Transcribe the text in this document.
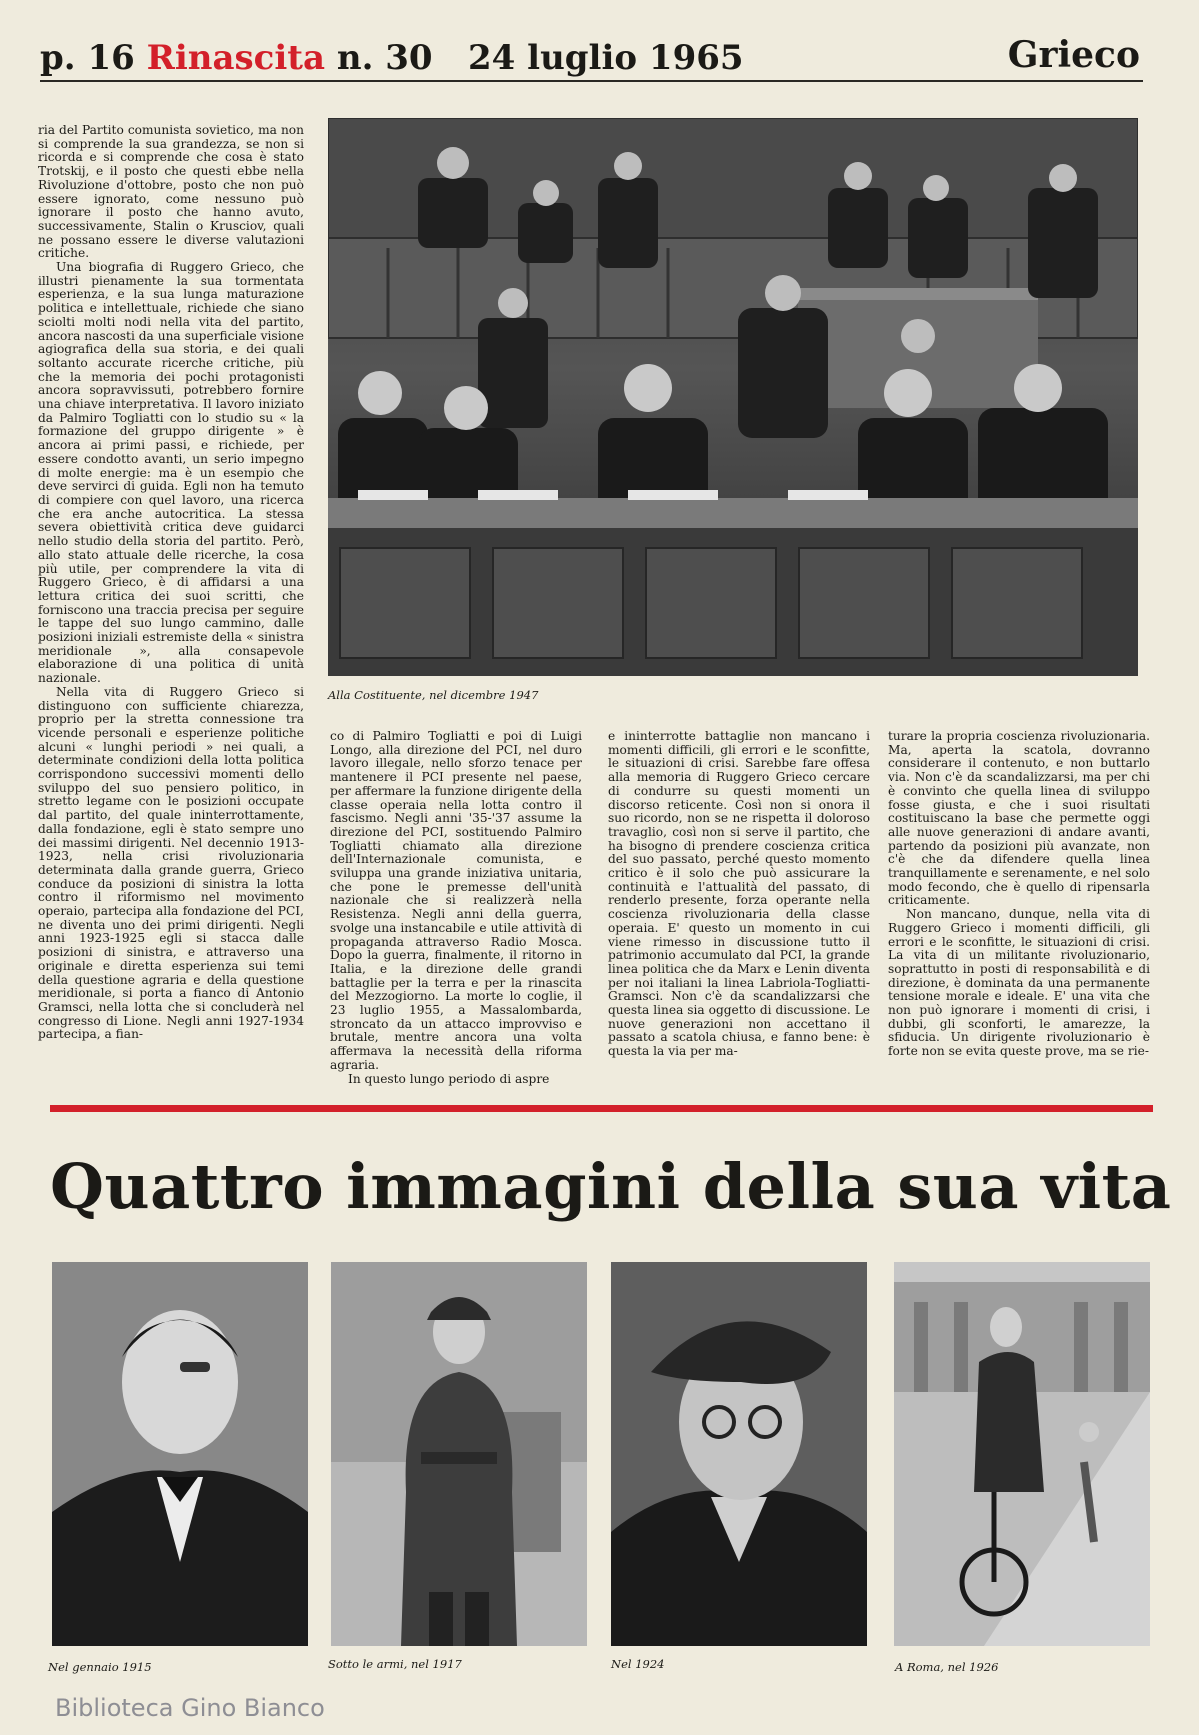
p. 16 Rinascita n. 30 24 luglio 1965	Grieco

ria del Partito comunista sovietico, ma non si comprende la sua grandezza, se non si ricorda e si comprende che cosa è stato Trotskij, e il posto che questi ebbe nella Rivoluzione d'ottobre, posto che non può essere ignorato, come nessuno può ignorare il posto che hanno avuto, successivamente, Stalin o Krusciov, quali ne possano essere le diverse valutazioni critiche.

Una biografia di Ruggero Grieco, che illustri pienamente la sua tormentata esperienza, e la sua lunga maturazione politica e intellettuale, richiede che siano sciolti molti nodi nella vita del partito, ancora nascosti da una superficiale visione agiografica della sua storia, e dei quali soltanto accurate ricerche critiche, più che la memoria dei pochi protagonisti ancora sopravvissuti, potrebbero fornire una chiave interpretativa. Il lavoro iniziato da Palmiro Togliatti con lo studio su « la formazione del gruppo dirigente » è ancora ai primi passi, e richiede, per essere condotto avanti, un serio impegno di molte energie: ma è un esempio che deve servirci di guida. Egli non ha temuto di compiere con quel lavoro, una ricerca che era anche autocritica. La stessa severa obiettività critica deve guidarci nello studio della storia del partito. Però, allo stato attuale delle ricerche, la cosa più utile, per comprendere la vita di Ruggero Grieco, è di affidarsi a una lettura critica dei suoi scritti, che forniscono una traccia precisa per seguire le tappe del suo lungo cammino, dalle posizioni iniziali estremiste della « sinistra meridionale », alla consapevole elaborazione di una politica di unità nazionale.

Nella vita di Ruggero Grieco si distinguono con sufficiente chiarezza, proprio per la stretta connessione tra vicende personali e esperienze politiche alcuni « lunghi periodi » nei quali, a determinate condizioni della lotta politica corrispondono successivi momenti dello sviluppo del suo pensiero politico, in stretto legame con le posizioni occupate dal partito, del quale ininterrottamente, dalla fondazione, egli è stato sempre uno dei massimi dirigenti. Nel decennio 1913-1923, nella crisi rivoluzionaria determinata dalla grande guerra, Grieco conduce da posizioni di sinistra la lotta contro il riformismo nel movimento operaio, partecipa alla fondazione del PCI, ne diventa uno dei primi dirigenti. Negli anni 1923-1925 egli si stacca dalle posizioni di sinistra, e attraverso una originale e diretta esperienza sui temi della questione agraria e della questione meridionale, si porta a fianco di Antonio Gramsci, nella lotta che si concluderà nel congresso di Lione. Negli anni 1927-1934 partecipa, a fian-

Alla Costituente, nel dicembre 1947

co di Palmiro Togliatti e poi di Luigi Longo, alla direzione del PCI, nel duro lavoro illegale, nello sforzo tenace per mantenere il PCI presente nel paese, per affermare la funzione dirigente della classe operaia nella lotta contro il fascismo. Negli anni '35-'37 assume la direzione del PCI, sostituendo Palmiro Togliatti chiamato alla direzione dell'Internazionale comunista, e sviluppa una grande iniziativa unitaria, che pone le premesse dell'unità nazionale che si realizzerà nella Resistenza. Negli anni della guerra, svolge una instancabile e utile attività di propaganda attraverso Radio Mosca. Dopo la guerra, finalmente, il ritorno in Italia, e la direzione delle grandi battaglie per la terra e per la rinascita del Mezzogiorno. La morte lo coglie, il 23 luglio 1955, a Massalombarda, stroncato da un attacco improvviso e brutale, mentre ancora una volta affermava la necessità della riforma agraria.

In questo lungo periodo di aspre

e ininterrotte battaglie non mancano i momenti difficili, gli errori e le sconfitte, le situazioni di crisi. Sarebbe fare offesa alla memoria di Ruggero Grieco cercare di condurre su questi momenti un discorso reticente. Così non si onora il suo ricordo, non se ne rispetta il doloroso travaglio, così non si serve il partito, che ha bisogno di prendere coscienza critica del suo passato, perché questo momento critico è il solo che può assicurare la continuità e l'attualità del passato, di renderlo presente, forza operante nella coscienza rivoluzionaria della classe operaia. E' questo un momento in cui viene rimesso in discussione tutto il patrimonio accumulato dal PCI, la grande linea politica che da Marx e Lenin diventa per noi italiani la linea Labriola-Togliatti-Gramsci. Non c'è da scandalizzarsi che questa linea sia oggetto di discussione. Le nuove generazioni non accettano il passato a scatola chiusa, e fanno bene: è questa la via per ma-

turare la propria coscienza rivoluzionaria. Ma, aperta la scatola, dovranno considerare il contenuto, e non buttarlo via. Non c'è da scandalizzarsi, ma per chi è convinto che quella linea di sviluppo fosse giusta, e che i suoi risultati costituiscano la base che permette oggi alle nuove generazioni di andare avanti, partendo da posizioni più avanzate, non c'è che da difendere quella linea tranquillamente e serenamente, e nel solo modo fecondo, che è quello di ripensarla criticamente.

Non mancano, dunque, nella vita di Ruggero Grieco i momenti difficili, gli errori e le sconfitte, le situazioni di crisi. La vita di un militante rivoluzionario, soprattutto in posti di responsabilità e di direzione, è dominata da una permanente tensione morale e ideale. E' una vita che non può ignorare i momenti di crisi, i dubbi, gli sconforti, le amarezze, la sfiducia. Un dirigente rivoluzionario è forte non se evita queste prove, ma se rie-

Quattro immagini della sua vita
Nel gennaio 1915	Sotto le armi, nel 1917	Nel 1924	A Roma, nel 1926
Biblioteca Gino Bianco
